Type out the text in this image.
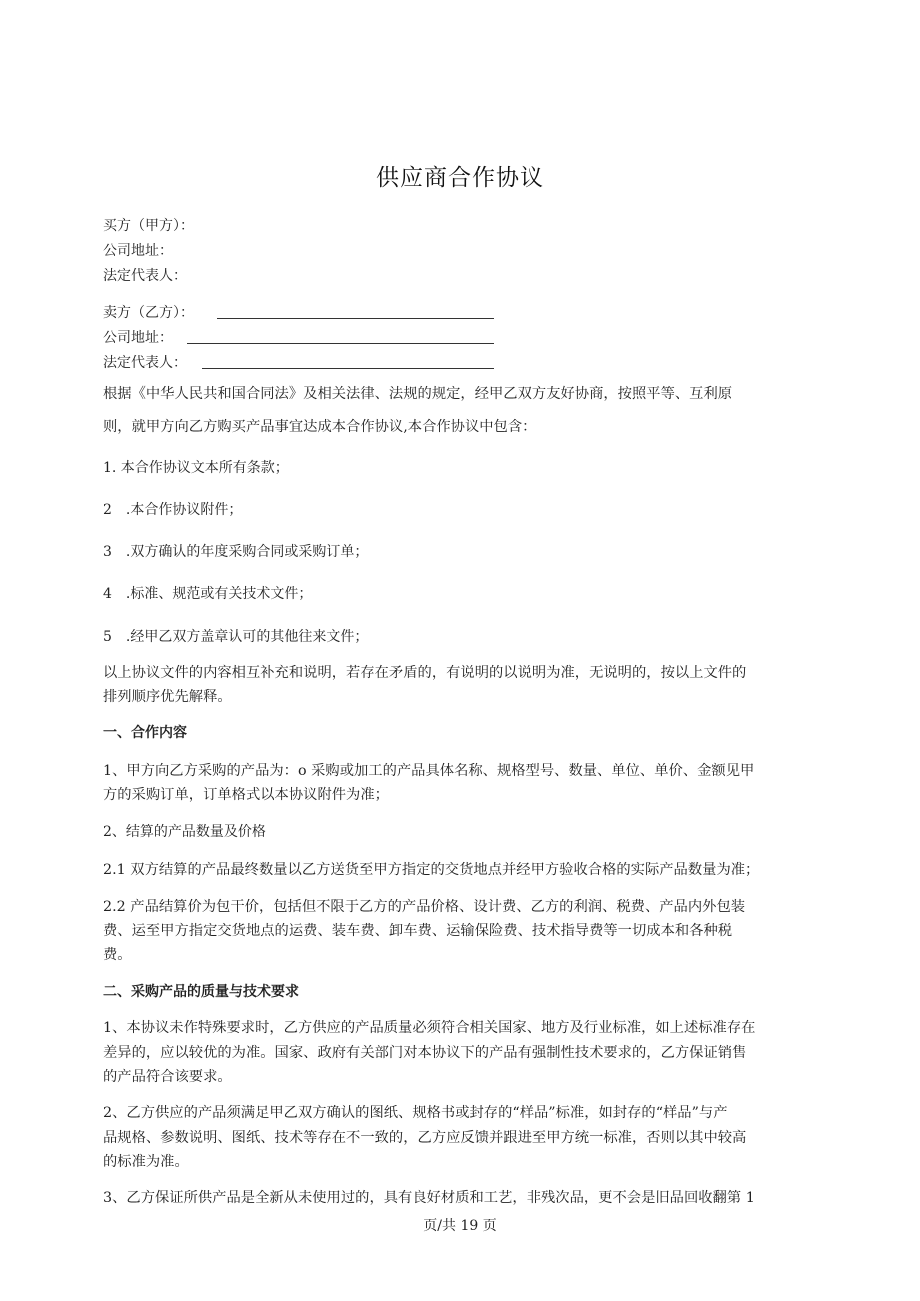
供应商合作协议
买方（甲方）：
公司地址：
法定代表人：
卖方（乙方）：
公司地址：
法定代表人：
根据《中华人民共和国合同法》及相关法律、法规的规定，经甲乙双方友好协商，按照平等、互利原
则，就甲方向乙方购买产品事宜达成本合作协议,本合作协议中包含：
1. 本合作协议文本所有条款；
2　.本合作协议附件；
3　.双方确认的年度采购合同或采购订单；
4　.标准、规范或有关技术文件；
5　.经甲乙双方盖章认可的其他往来文件；
以上协议文件的内容相互补充和说明，若存在矛盾的，有说明的以说明为准，无说明的，按以上文件的
排列顺序优先解释。
一、合作内容
1、甲方向乙方采购的产品为：o 采购或加工的产品具体名称、规格型号、数量、单位、单价、金额见甲
方的采购订单，订单格式以本协议附件为准；
2、结算的产品数量及价格
2.1 双方结算的产品最终数量以乙方送货至甲方指定的交货地点并经甲方验收合格的实际产品数量为准；
2.2 产品结算价为包干价，包括但不限于乙方的产品价格、设计费、乙方的利润、税费、产品内外包装
费、运至甲方指定交货地点的运费、装车费、卸车费、运输保险费、技术指导费等一切成本和各种税
费。
二、采购产品的质量与技术要求
1、本协议未作特殊要求时，乙方供应的产品质量必须符合相关国家、地方及行业标准，如上述标准存在
差异的，应以较优的为准。国家、政府有关部门对本协议下的产品有强制性技术要求的，乙方保证销售
的产品符合该要求。
2、乙方供应的产品须满足甲乙双方确认的图纸、规格书或封存的“样品”标准，如封存的“样品”与产
品规格、参数说明、图纸、技术等存在不一致的，乙方应反馈并跟进至甲方统一标准，否则以其中较高
的标准为准。
3、乙方保证所供产品是全新从未使用过的，具有良好材质和工艺，非残次品，更不会是旧品回收翻第 1
页/共 19 页
